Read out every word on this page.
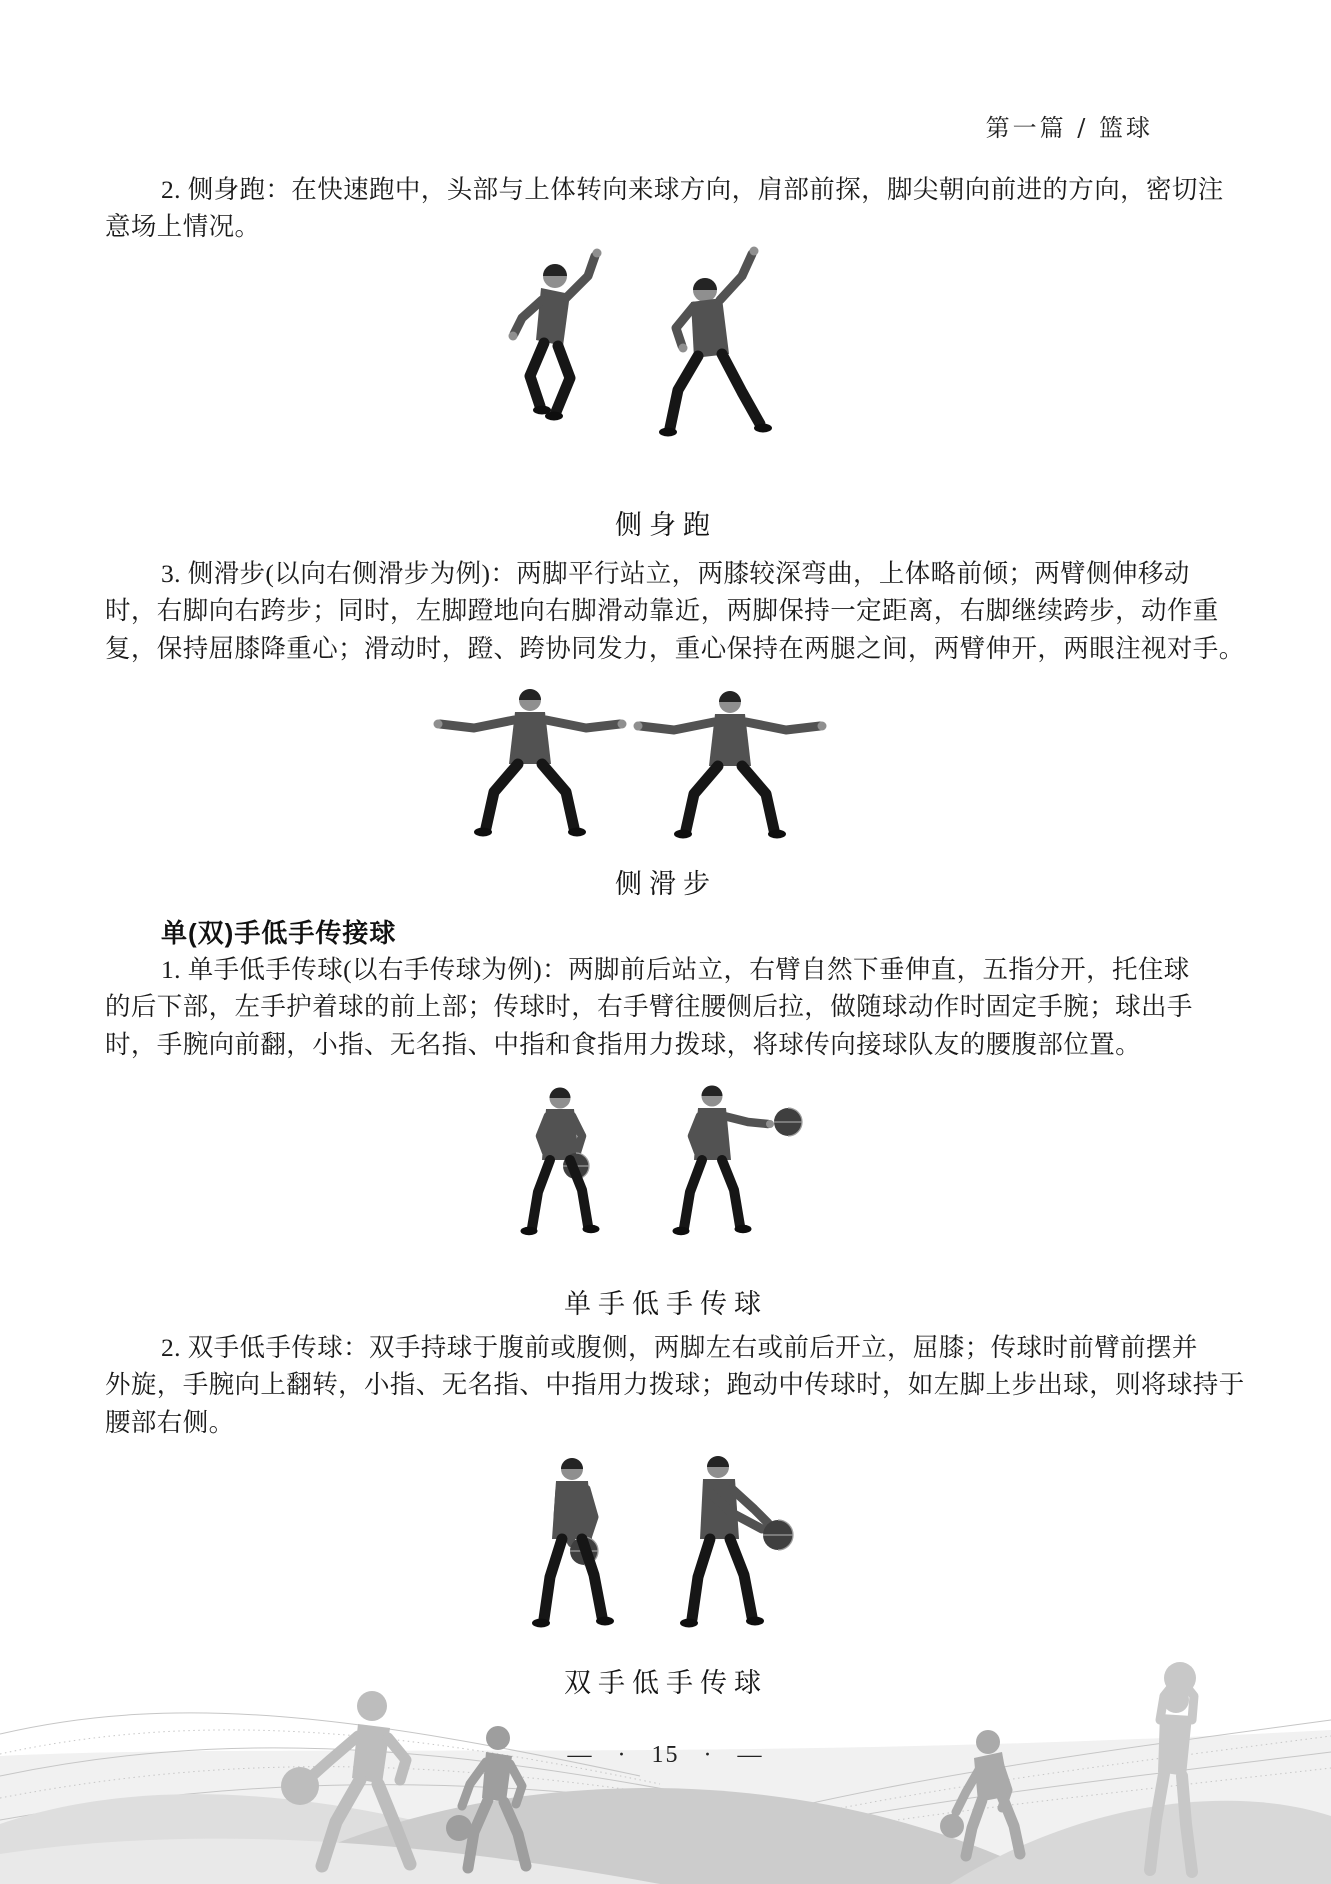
第一篇 / 篮球
2. 侧身跑：在快速跑中，头部与上体转向来球方向，肩部前探，脚尖朝向前进的方向，密切注
意场上情况。
侧身跑
3. 侧滑步(以向右侧滑步为例)：两脚平行站立，两膝较深弯曲，上体略前倾；两臂侧伸移动
时，右脚向右跨步；同时，左脚蹬地向右脚滑动靠近，两脚保持一定距离，右脚继续跨步，动作重
复，保持屈膝降重心；滑动时，蹬、跨协同发力，重心保持在两腿之间，两臂伸开，两眼注视对手。
侧滑步
单(双)手低手传接球
1. 单手低手传球(以右手传球为例)：两脚前后站立，右臂自然下垂伸直，五指分开，托住球
的后下部，左手护着球的前上部；传球时，右手臂往腰侧后拉，做随球动作时固定手腕；球出手
时，手腕向前翻，小指、无名指、中指和食指用力拨球，将球传向接球队友的腰腹部位置。
单手低手传球
2. 双手低手传球：双手持球于腹前或腹侧，两脚左右或前后开立，屈膝；传球时前臂前摆并
外旋，手腕向上翻转，小指、无名指、中指用力拨球；跑动中传球时，如左脚上步出球，则将球持于
腰部右侧。
双手低手传球
— · 15 · —
